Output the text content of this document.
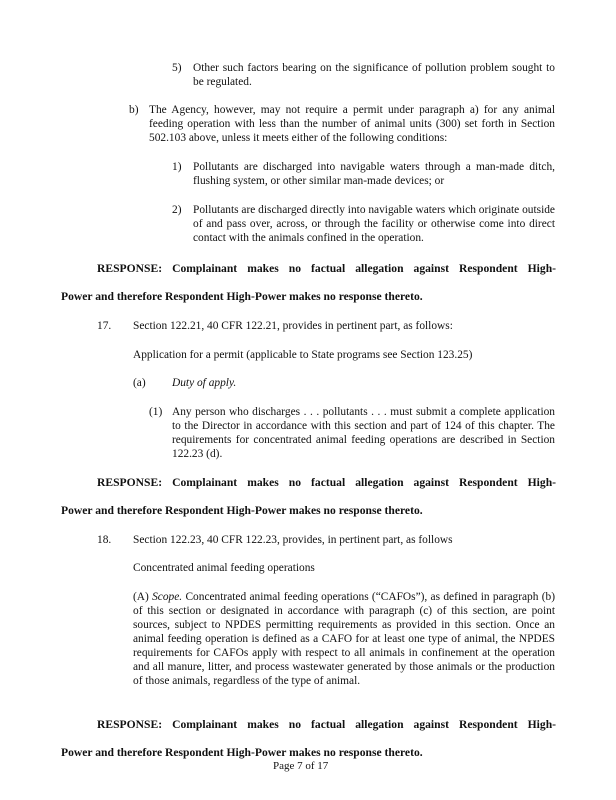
5) Other such factors bearing on the significance of pollution problem sought to be regulated.
b) The Agency, however, may not require a permit under paragraph a) for any animal feeding operation with less than the number of animal units (300) set forth in Section 502.103 above, unless it meets either of the following conditions:
1) Pollutants are discharged into navigable waters through a man-made ditch, flushing system, or other similar man-made devices; or
2) Pollutants are discharged directly into navigable waters which originate outside of and pass over, across, or through the facility or otherwise come into direct contact with the animals confined in the operation.
RESPONSE: Complainant makes no factual allegation against Respondent High-
Power and therefore Respondent High-Power makes no response thereto.
17. Section 122.21, 40 CFR 122.21, provides in pertinent part, as follows:
Application for a permit (applicable to State programs see Section 123.25)
(a) Duty of apply.
(1) Any person who discharges . . . pollutants . . . must submit a complete application to the Director in accordance with this section and part of 124 of this chapter. The requirements for concentrated animal feeding operations are described in Section 122.23 (d).
RESPONSE: Complainant makes no factual allegation against Respondent High-
Power and therefore Respondent High-Power makes no response thereto.
18. Section 122.23, 40 CFR 122.23, provides, in pertinent part, as follows
Concentrated animal feeding operations
(A) Scope. Concentrated animal feeding operations (“CAFOs”), as defined in paragraph (b) of this section or designated in accordance with paragraph (c) of this section, are point sources, subject to NPDES permitting requirements as provided in this section. Once an animal feeding operation is defined as a CAFO for at least one type of animal, the NPDES requirements for CAFOs apply with respect to all animals in confinement at the operation and all manure, litter, and process wastewater generated by those animals or the production of those animals, regardless of the type of animal.
RESPONSE: Complainant makes no factual allegation against Respondent High-
Power and therefore Respondent High-Power makes no response thereto.
Page 7 of 17
